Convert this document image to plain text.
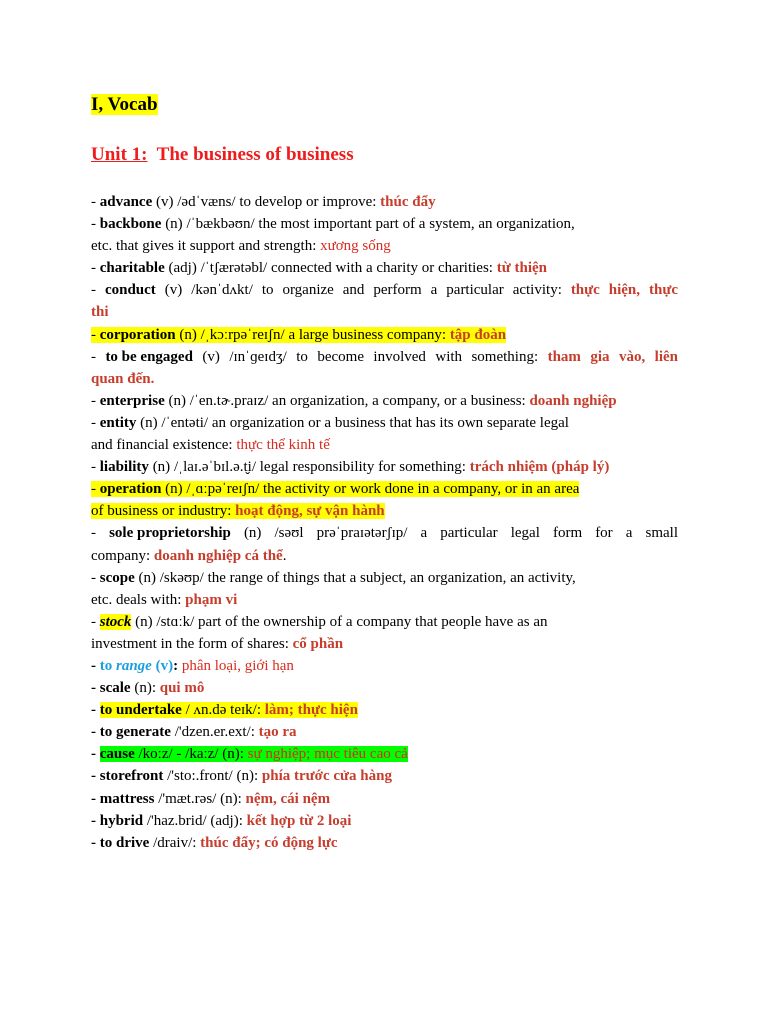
I, Vocab
Unit 1: The business of business
- advance (v) /ədˈvæns/ to develop or improve: thúc đẩy
- backbone (n) /ˈbækbəʊn/ the most important part of a system, an organization,
etc. that gives it support and strength: xương sống
- charitable (adj) /ˈtʃærətəbl/ connected with a charity or charities: từ thiện
- conduct (v) /kənˈdʌkt/ to organize and perform a particular activity: thực hiện, thực
thi
- corporation (n) /ˌkɔːrpəˈreɪʃn/ a large business company: tập đoàn
- to be engaged (v) /ɪnˈɡeɪdʒ/ to become involved with something: tham gia vào, liên
quan đến.
- enterprise (n) /ˈen.tɚ.praɪz/ an organization, a company, or a business: doanh nghiệp
- entity (n) /ˈentəti/ an organization or a business that has its own separate legal
and financial existence: thực thể kinh tế
- liability (n) /ˌlaɪ.əˈbɪl.ə.t̬i/ legal responsibility for something: trách nhiệm (pháp lý)
- operation (n) /ˌɑːpəˈreɪʃn/ the activity or work done in a company, or in an area
of business or industry: hoạt động, sự vận hành
- sole proprietorship (n) /səʊl prəˈpraɪətərʃɪp/ a particular legal form for a small
company: doanh nghiệp cá thể.
- scope (n) /skəʊp/ the range of things that a subject, an organization, an activity,
etc. deals with: phạm vi
- stock (n) /stɑːk/ part of the ownership of a company that people have as an
investment in the form of shares: cổ phần
- to range (v): phân loại, giới hạn
- scale (n): qui mô
- to undertake / ʌn.də teɪk/: làm; thực hiện
- to generate /'dzen.er.ext/: tạo ra
- cause /koːz/ - /kaːz/ (n): sự nghiệp; mục tiêu cao cả
- storefront /'sto:.front/ (n): phía trước cửa hàng
- mattress /'mæt.rəs/ (n): nệm, cái nệm
- hybrid /'haz.brid/ (adj): kết hợp từ 2 loại
- to drive /draiv/: thúc đẩy; có động lực
